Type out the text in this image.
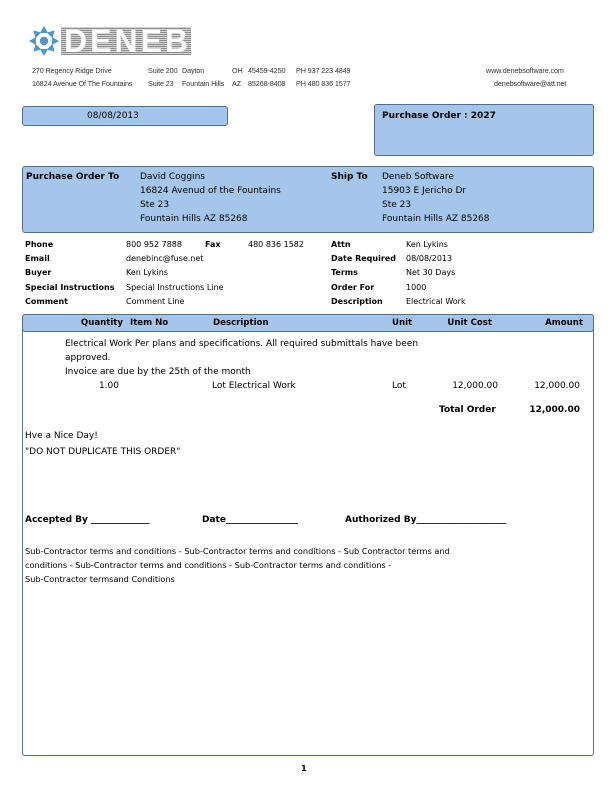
DENEB
270 Regency Ridge Drive	Suite 200 Dayton	OH 45459-4250 PH 937 223 4849	www.denebsoftware.com
16824 Avenue Of The Fountains Suite 23 Fountain Hills AZ 85268-8408 PH 480 836 1577	denebsoftware@att.net
08/08/2013	Purchase Order : 2027
Purchase Order To David Coggins
16824 Avenud of the Fountains
Ste 23
Fountain Hills AZ 85268
Ship To Deneb Software
15903 E Jericho Dr
Ste 23
Fountain Hills AZ 85268
Phone	800 952 7888	Fax	480 836 1582	Attn	Ken Lykins
Email	denebinc@fuse.net	Date Required 08/08/2013
Buyer	Ken Lykins	Terms	Net 30 Days
Special Instructions Special Instructions Line	Order For	1000
Comment	Comment Line	Description	Electrical Work
Quantity Item No	Description	Unit	Unit Cost	Amount
Electrical Work Per plans and specifications. All required submittals have been
approved.
Invoice are due by the 25th of the month
1.00	Lot Electrical Work	Lot	12,000.00	12,000.00
Total Order	12,000.00
Hve a Nice Day!
"DO NOT DUPLICATE THIS ORDER"
Accepted By _____________	Date________________	Authorized By____________________
Sub-Contractor terms and conditions - Sub-Contractor terms and conditions - Sub Contractor terms and
conditions - Sub-Contractor terms and conditions - Sub-Contractor terms and conditions -
Sub-Contractor termsand Conditions
1
